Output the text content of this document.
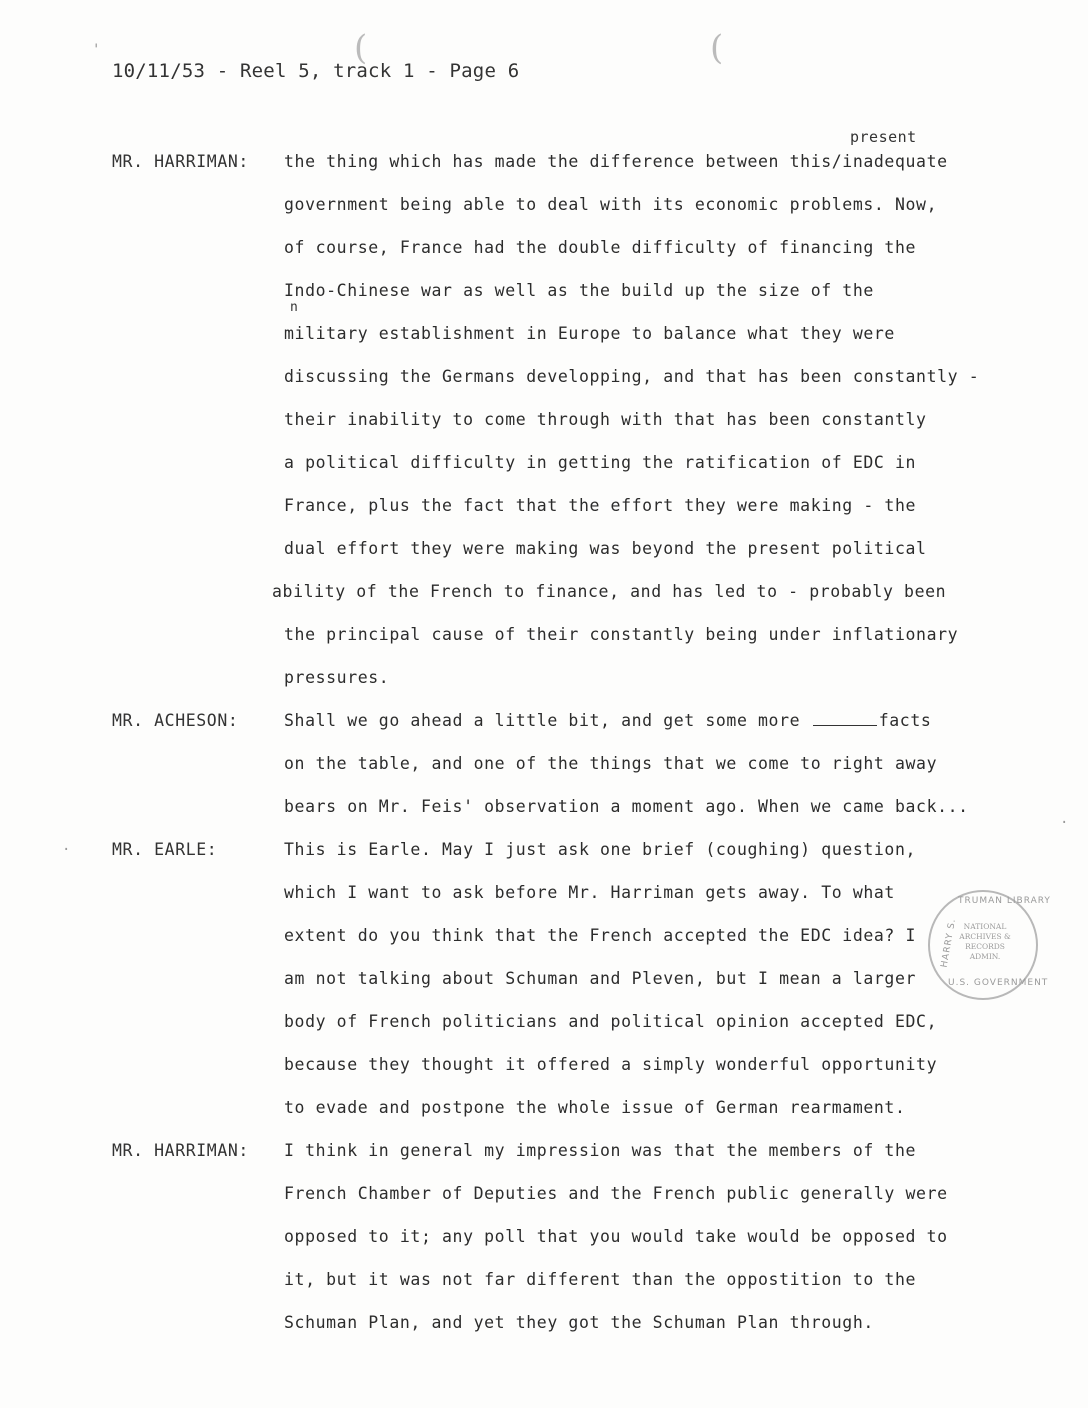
(	(
'
10/11/53 - Reel 5, track 1 - Page 6
MR. HARRIMAN:
present
the thing which has made the difference between this/inadequate
government being able to deal with its economic problems. Now,
of course, France had the double difficulty of financing the
Indo-Chinese war as well as the build up the size of the
n
military establishment in Europe to balance what they were
discussing the Germans developping, and that has been constantly -
their inability to come through with that has been constantly
a political difficulty in getting the ratification of EDC in
France, plus the fact that the effort they were making - the
dual effort they were making was beyond the present political
ability of the French to finance, and has led to - probably been
the principal cause of their constantly being under inflationary
pressures.
MR. ACHESON:	Shall we go ahead a little bit, and get some more	facts
on the table, and one of the things that we come to right away
bears on Mr. Feis' observation a moment ago. When we came back...
MR. EARLE:	This is Earle. May I just ask one brief (coughing) question,
which I want to ask before Mr. Harriman gets away. To what
extent do you think that the French accepted the EDC idea? I
am not talking about Schuman and Pleven, but I mean a larger
body of French politicians and political opinion accepted EDC,
because they thought it offered a simply wonderful opportunity
to evade and postpone the whole issue of German rearmament.
MR. HARRIMAN: I think in general my impression was that the members of the
French Chamber of Deputies and the French public generally were
opposed to it; any poll that you would take would be opposed to
it, but it was not far different than the oppostition to the
Schuman Plan, and yet they got the Schuman Plan through.
TRUMAN LIBRARY
HARRY S.
U.S. GOVERNMENT
NATIONAL
ARCHIVES &
RECORDS
ADMIN.
·
·
